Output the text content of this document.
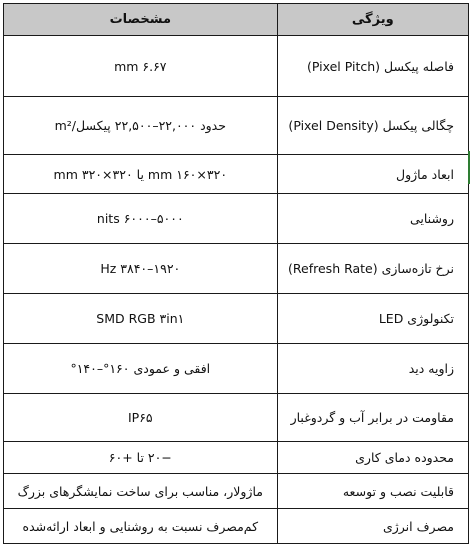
ویژگی	مشخصات
فاصله پیکسل (Pixel Pitch)	۶.۶۷ mm
چگالی پیکسل (Pixel Density)	حدود ۲۲,۰۰۰–۲۲,۵۰۰ پیکسل/m²
ابعاد ماژول	۳۲۰×۱۶۰ mm یا ۳۲۰×۳۲۰ mm
روشنایی	۵۰۰۰–۶۰۰۰ nits
نرخ تازه‌سازی (Refresh Rate)	۱۹۲۰–۳۸۴۰ Hz
تکنولوژی LED	SMD RGB ۳in۱
زاویه دید	افقی و عمودی ۱۶۰°–۱۴۰°
مقاومت در برابر آب و گردوغبار	IP۶۵
محدوده دمای کاری	−۲۰ تا +۶۰
قابلیت نصب و توسعه	ماژولار، مناسب برای ساخت نمایشگرهای بزرگ
مصرف انرژی	کم‌مصرف نسبت به روشنایی و ابعاد ارائه‌شده
